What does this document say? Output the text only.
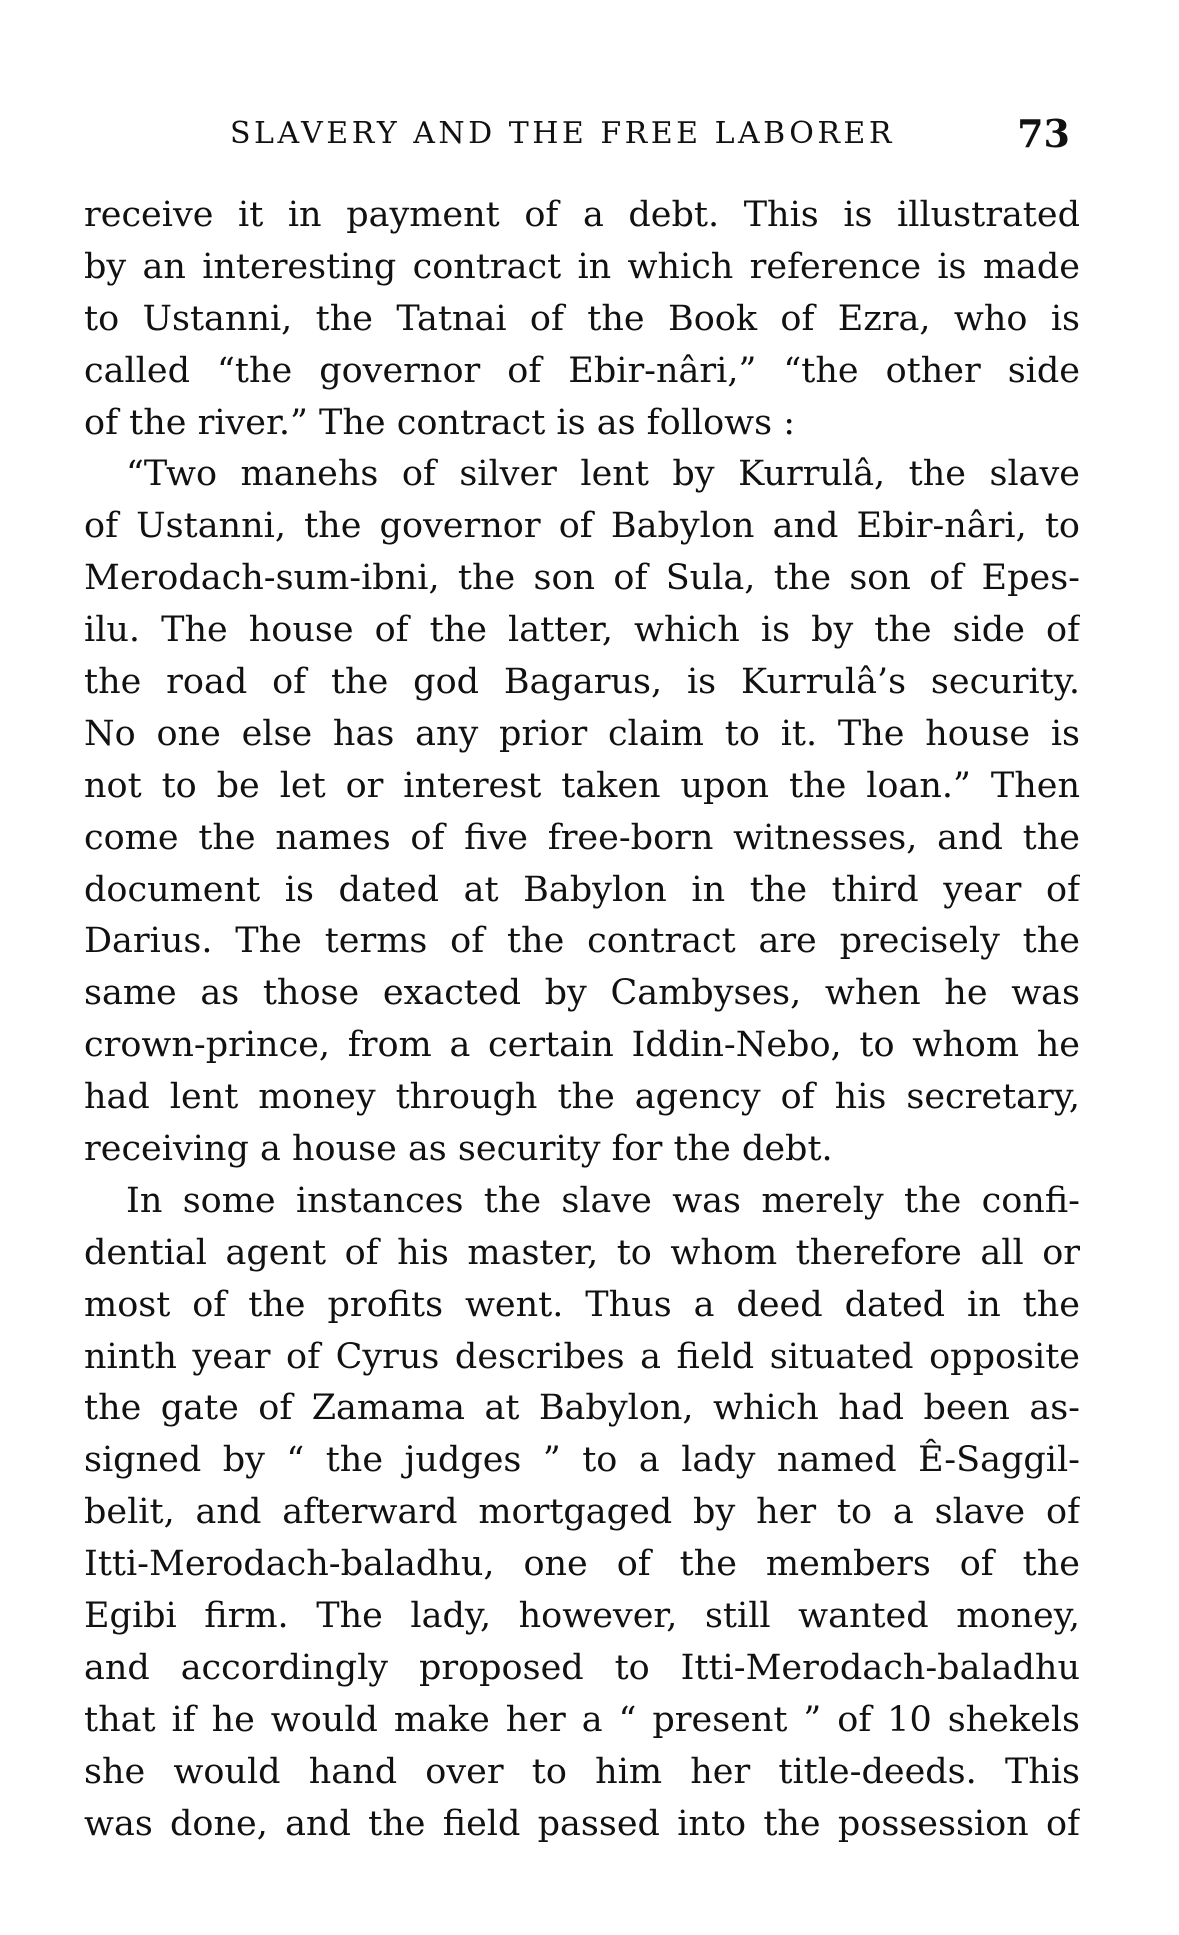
SLAVERY AND THE FREE LABORER	73
receive it in payment of a debt. This is illustrated
by an interesting contract in which reference is made
to Ustanni, the Tatnai of the Book of Ezra, who is
called “the governor of Ebir-nâri,” “the other side
of the river.” The contract is as follows :
“Two manehs of silver lent by Kurrulâ, the slave
of Ustanni, the governor of Babylon and Ebir-nâri, to
Merodach-sum-ibni, the son of Sula, the son of Epes-
ilu. The house of the latter, which is by the side of
the road of the god Bagarus, is Kurrulâ’s security.
No one else has any prior claim to it. The house is
not to be let or interest taken upon the loan.” Then
come the names of five free-born witnesses, and the
document is dated at Babylon in the third year of
Darius. The terms of the contract are precisely the
same as those exacted by Cambyses, when he was
crown-prince, from a certain Iddin-Nebo, to whom he
had lent money through the agency of his secretary,
receiving a house as security for the debt.
In some instances the slave was merely the confi-
dential agent of his master, to whom therefore all or
most of the profits went. Thus a deed dated in the
ninth year of Cyrus describes a field situated opposite
the gate of Zamama at Babylon, which had been as-
signed by “ the judges ” to a lady named Ê-Saggil-
belit, and afterward mortgaged by her to a slave of
Itti-Merodach-baladhu, one of the members of the
Egibi firm. The lady, however, still wanted money,
and accordingly proposed to Itti-Merodach-baladhu
that if he would make her a “ present ” of 10 shekels
she would hand over to him her title-deeds. This
was done, and the field passed into the possession of
